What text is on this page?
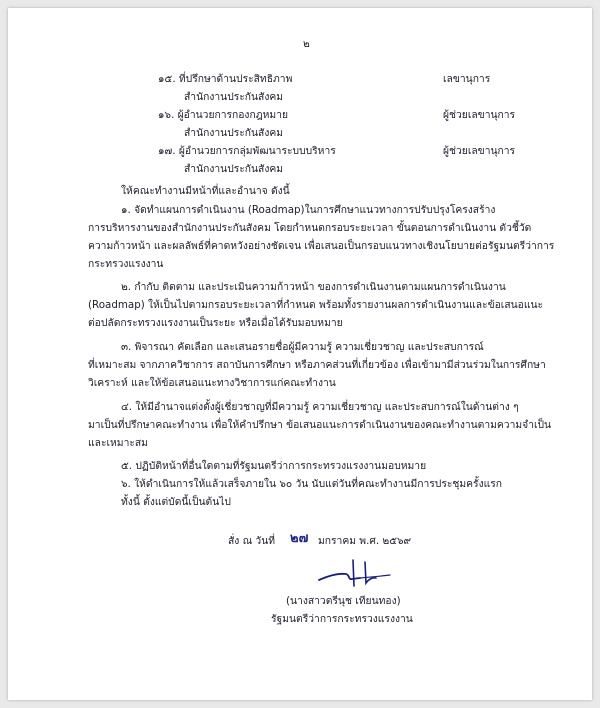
๒
๑๕. ที่ปรึกษาด้านประสิทธิภาพ
สำนักงานประกันสังคม
เลขานุการ
๑๖. ผู้อำนวยการกองกฎหมาย
สำนักงานประกันสังคม
ผู้ช่วยเลขานุการ
๑๗. ผู้อำนวยการกลุ่มพัฒนาระบบบริหาร
สำนักงานประกันสังคม
ผู้ช่วยเลขานุการ
ให้คณะทำงานมีหน้าที่และอำนาจ ดังนี้
๑. จัดทำแผนการดำเนินงาน (Roadmap)ในการศึกษาแนวทางการปรับปรุงโครงสร้าง
การบริหารงานของสำนักงานประกันสังคม โดยกำหนดกรอบระยะเวลา ขั้นตอนการดำเนินงาน ตัวชี้วัด
ความก้าวหน้า และผลลัพธ์ที่คาดหวังอย่างชัดเจน เพื่อเสนอเป็นกรอบแนวทางเชิงนโยบายต่อรัฐมนตรีว่าการ
กระทรวงแรงงาน
๒. กำกับ ติดตาม และประเมินความก้าวหน้า ของการดำเนินงานตามแผนการดำเนินงาน
(Roadmap) ให้เป็นไปตามกรอบระยะเวลาที่กำหนด พร้อมทั้งรายงานผลการดำเนินงานและข้อเสนอแนะ
ต่อปลัดกระทรวงแรงงานเป็นระยะ หรือเมื่อได้รับมอบหมาย
๓. พิจารณา คัดเลือก และเสนอรายชื่อผู้มีความรู้ ความเชี่ยวชาญ และประสบการณ์
ที่เหมาะสม จากภาควิชาการ สถาบันการศึกษา หรือภาคส่วนที่เกี่ยวข้อง เพื่อเข้ามามีส่วนร่วมในการศึกษา
วิเคราะห์ และให้ข้อเสนอแนะทางวิชาการแก่คณะทำงาน
๔. ให้มีอำนาจแต่งตั้งผู้เชี่ยวชาญที่มีความรู้ ความเชี่ยวชาญ และประสบการณ์ในด้านต่าง ๆ
มาเป็นที่ปรึกษาคณะทำงาน เพื่อให้คำปรึกษา ข้อเสนอแนะการดำเนินงานของคณะทำงานตามความจำเป็น
และเหมาะสม
๕. ปฏิบัติหน้าที่อื่นใดตามที่รัฐมนตรีว่าการกระทรวงแรงงานมอบหมาย
๖. ให้ดำเนินการให้แล้วเสร็จภายใน ๖๐ วัน นับแต่วันที่คณะทำงานมีการประชุมครั้งแรก
ทั้งนี้ ตั้งแต่บัดนี้เป็นต้นไป
สั่ง ณ วันที่ ๒๗ มกราคม พ.ศ. ๒๕๖๙
(นางสาวตรีนุช เทียนทอง)
รัฐมนตรีว่าการกระทรวงแรงงาน
